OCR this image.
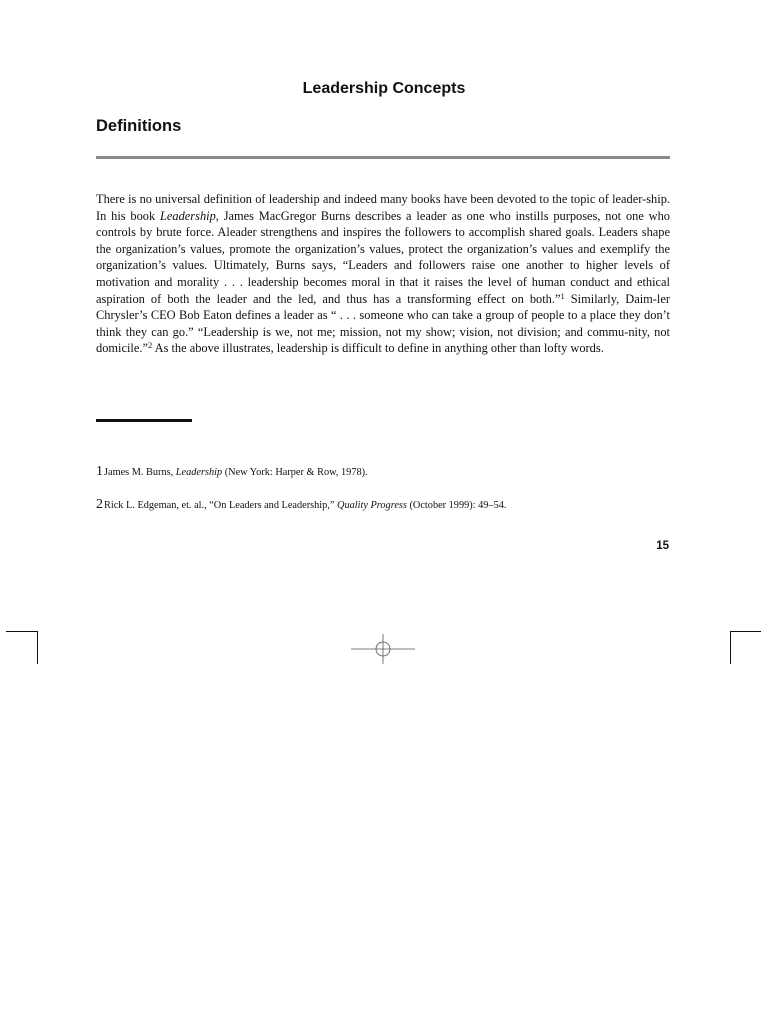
Leadership Concepts
Definitions

There is no universal definition of leadership and indeed many books have been devoted to the topic of leader-ship. In his book Leadership, James MacGregor Burns describes a leader as one who instills purposes, not one who controls by brute force. Aleader strengthens and inspires the followers to accomplish shared goals. Leaders shape the organization’s values, promote the organization’s values, protect the organization’s values and exemplify the organization’s values. Ultimately, Burns says, “Leaders and followers raise one another to higher levels of motivation and morality . . . leadership becomes moral in that it raises the level of human conduct and ethical aspiration of both the leader and the led, and thus has a transforming effect on both.”$^1$ Similarly, Daim-ler Chrysler’s CEO Bob Eaton defines a leader as “ . . . someone who can take a group of people to a place they don’t think they can go.” “Leadership is we, not me; mission, not my show; vision, not division; and commu-nity, not domicile.”$^2$ As the above illustrates, leadership is difficult to define in anything other than lofty words.

1James M. Burns, Leadership (New York: Harper & Row, 1978).

2Rick L. Edgeman, et. al., “On Leaders and Leadership,” Quality Progress (October 1999): 49–54.

15
